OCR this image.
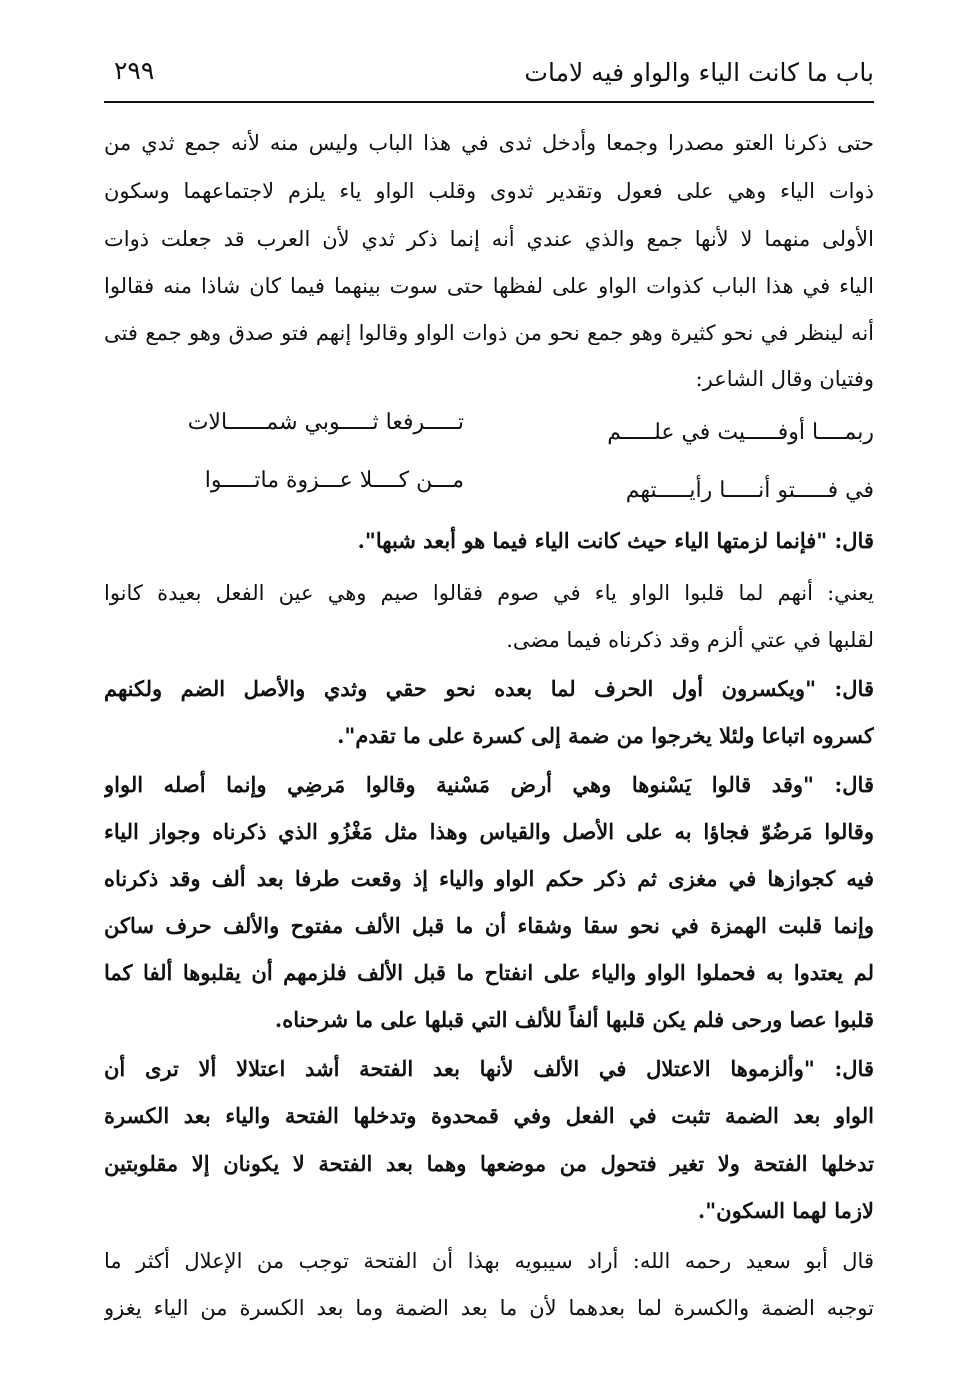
باب ما كانت الياء والواو فيه لامات
٢٩٩
حتى ذكرنا العتو مصدرا وجمعا وأدخل ثدى في هذا الباب وليس منه لأنه جمع ثدي من
ذوات الياء وهي على فعول وتقدير ثدوى وقلب الواو ياء يلزم لاجتماعهما وسكون
الأولى منهما لا لأنها جمع والذي عندي أنه إنما ذكر ثدي لأن العرب قد جعلت ذوات
الياء في هذا الباب كذوات الواو على لفظها حتى سوت بينهما فيما كان شاذا منه فقالوا
أنه لينظر في نحو كثيرة وهو جمع نحو من ذوات الواو وقالوا إنهم فتو صدق وهو جمع فتى
وفتيان وقال الشاعر:
ربمــــا أوفـــــيت في علـــــم
تـــــرفعا ثـــــوبي شمــــــالات
في فـــــتو أنـــــا رأيـــــتهم
مـــن كــــلا عـــزوة ماتـــــوا
قال: "فإنما لزمتها الياء حيث كانت الياء فيما هو أبعد شبها".
يعني: أنهم لما قلبوا الواو ياء في صوم فقالوا صيم وهي عين الفعل بعيدة كانوا
لقلبها في عتي ألزم وقد ذكرناه فيما مضى.
قال: "ويكسرون أول الحرف لما بعده نحو حقي وثدي والأصل الضم ولكنهم
كسروه اتباعا ولئلا يخرجوا من ضمة إلى كسرة على ما تقدم".
قال: "وقد قالوا يَسْنوها وهي أرض مَسْنية وقالوا مَرضِي وإنما أصله الواو
وقالوا مَرضُوّ فجاؤا به على الأصل والقياس وهذا مثل مَغْزُو الذي ذكرناه وجواز الياء
فيه كجوازها في مغزى ثم ذكر حكم الواو والياء إذ وقعت طرفا بعد ألف وقد ذكرناه
وإنما قلبت الهمزة في نحو سقا وشقاء أن ما قبل الألف مفتوح والألف حرف ساكن
لم يعتدوا به فحملوا الواو والياء على انفتاح ما قبل الألف فلزمهم أن يقلبوها ألفا كما
قلبوا عصا ورحى فلم يكن قلبها ألفاً للألف التي قبلها على ما شرحناه.
قال: "وألزموها الاعتلال في الألف لأنها بعد الفتحة أشد اعتلالا ألا ترى أن
الواو بعد الضمة تثبت في الفعل وفي قمحدوة وتدخلها الفتحة والياء بعد الكسرة
تدخلها الفتحة ولا تغير فتحول من موضعها وهما بعد الفتحة لا يكونان إلا مقلوبتين
لازما لهما السكون".
قال أبو سعيد رحمه الله: أراد سيبويه بهذا أن الفتحة توجب من الإعلال أكثر ما
توجبه الضمة والكسرة لما بعدهما لأن ما بعد الضمة وما بعد الكسرة من الياء يغزو
